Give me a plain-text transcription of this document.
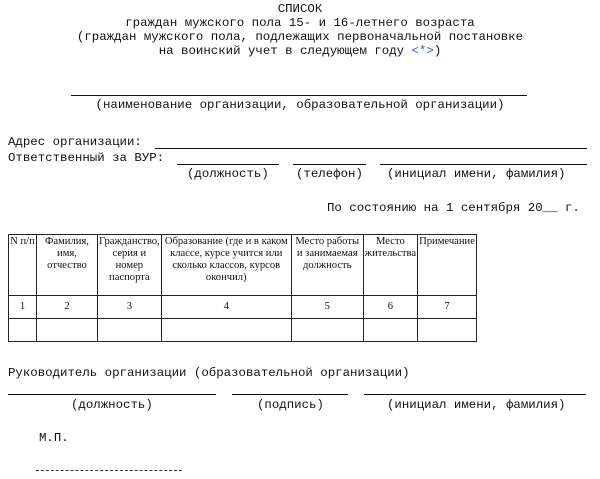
СПИСОК
граждан мужского пола 15- и 16-летнего возраста
(граждан мужского пола, подлежащих первоначальной постановке
на воинский учет в следующем году <*>)
(наименование организации, образовательной организации)
Адрес организации:
Ответственный за ВУР:
(должность) (телефон) (инициал имени, фамилия)
По состоянию на 1 сентября 20__ г.
N п/п	Фамилия, имя, отчество	Гражданство, серия и номер паспорта	Образование (где и в каком классе, курсе учится или сколько классов, курсов окончил)	Место работы и занимаемая должность	Место жительства	Примечание
1	2	3	4	5	6	7

Руководитель организации (образовательной организации)
(должность)	(подпись)	(инициал имени, фамилия)
М.П.
